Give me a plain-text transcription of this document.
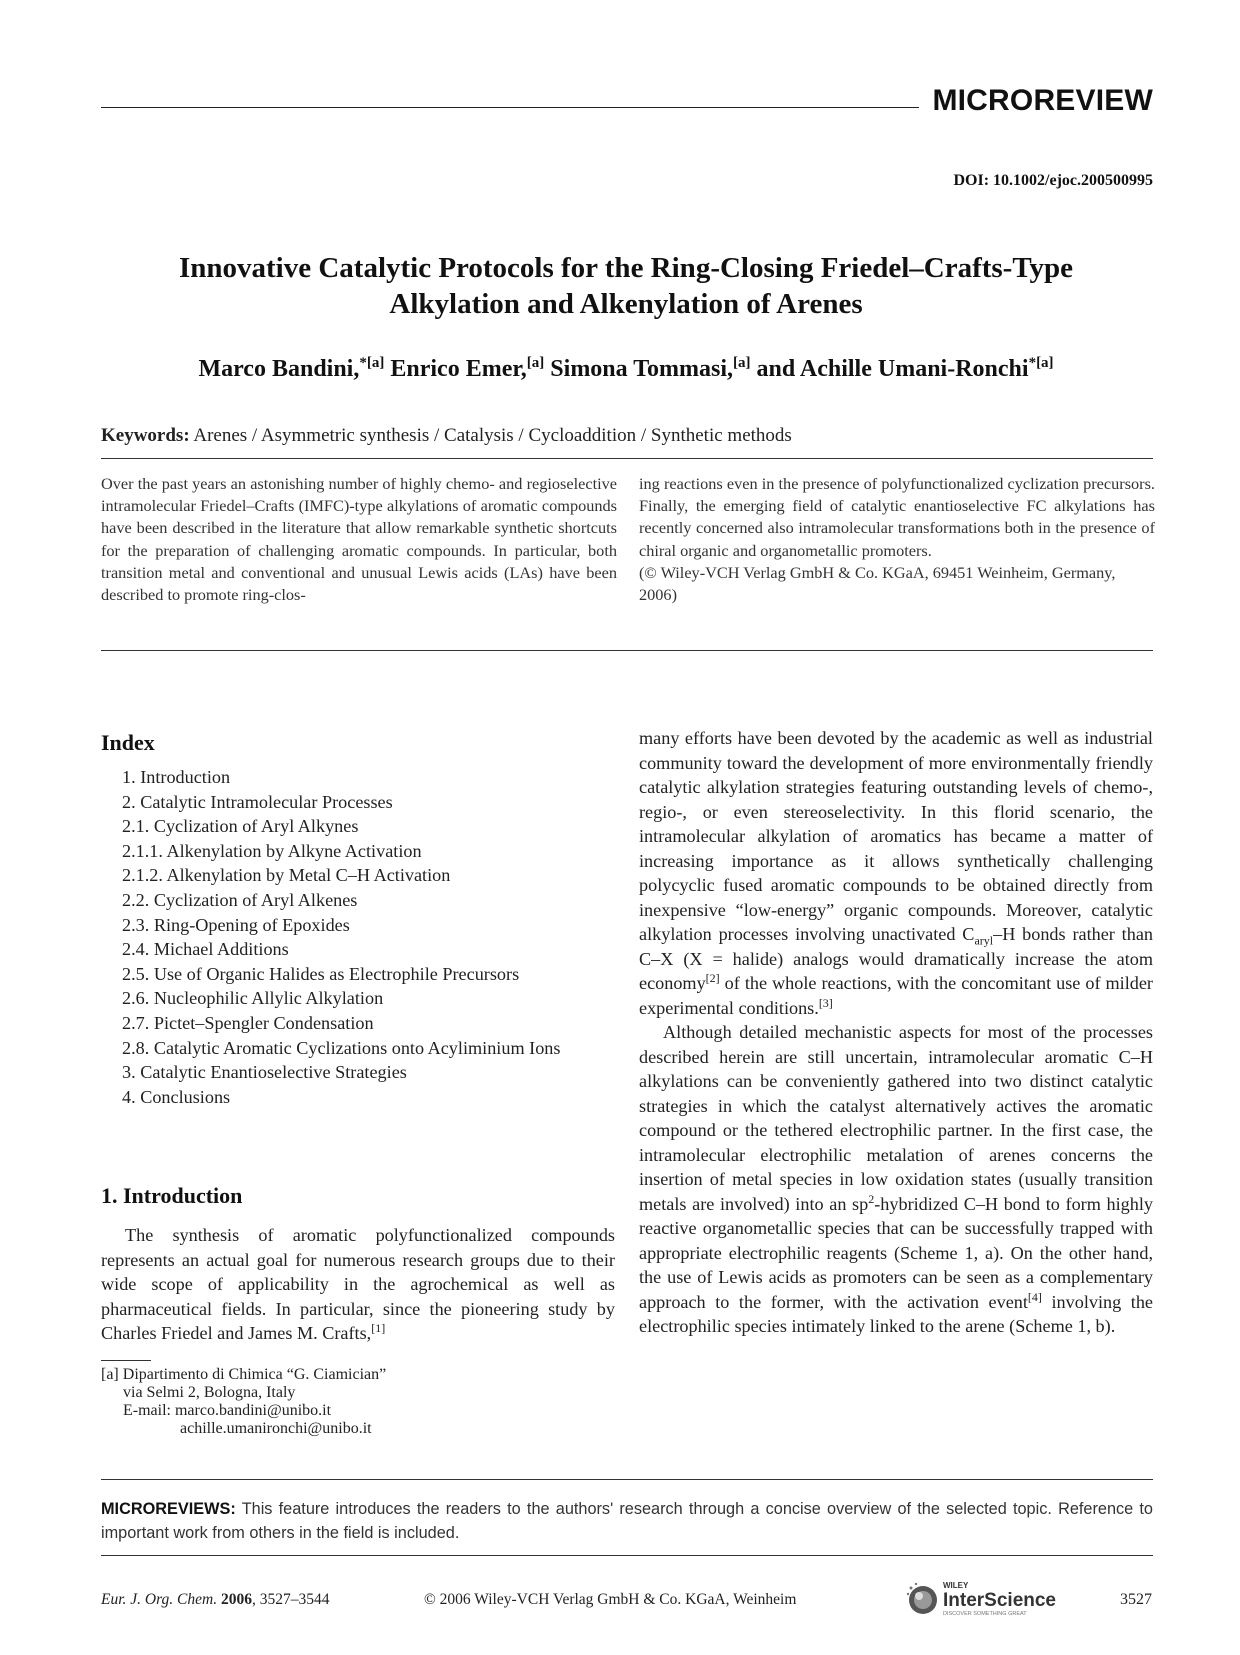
MICROREVIEW
DOI: 10.1002/ejoc.200500995
Innovative Catalytic Protocols for the Ring-Closing Friedel–Crafts-Type
Alkylation and Alkenylation of Arenes
Marco Bandini,$^{*[a]}$ Enrico Emer,[a] Simona Tommasi,[a] and Achille Umani-Ronchi$^{*[a]}$
Keywords: Arenes / Asymmetric synthesis / Catalysis / Cycloaddition / Synthetic methods
Over the past years an astonishing number of highly chemo- and regioselective intramolecular Friedel–Crafts (IMFC)-type alkylations of aromatic compounds have been described in the literature that allow remarkable synthetic shortcuts for the preparation of challenging aromatic compounds. In particular, both transition metal and conventional and unusual Lewis acids (LAs) have been described to promote ring-clos-
ing reactions even in the presence of polyfunctionalized cyclization precursors. Finally, the emerging field of catalytic enantioselective FC alkylations has recently concerned also intramolecular transformations both in the presence of chiral organic and organometallic promoters.
(© Wiley-VCH Verlag GmbH & Co. KGaA, 69451 Weinheim, Germany, 2006)
Index
1. Introduction
2. Catalytic Intramolecular Processes
2.1. Cyclization of Aryl Alkynes
2.1.1. Alkenylation by Alkyne Activation
2.1.2. Alkenylation by Metal C–H Activation
2.2. Cyclization of Aryl Alkenes
2.3. Ring-Opening of Epoxides
2.4. Michael Additions
2.5. Use of Organic Halides as Electrophile Precursors
2.6. Nucleophilic Allylic Alkylation
2.7. Pictet–Spengler Condensation
2.8. Catalytic Aromatic Cyclizations onto Acyliminium Ions
3. Catalytic Enantioselective Strategies
4. Conclusions
1. Introduction

The synthesis of aromatic polyfunctionalized compounds represents an actual goal for numerous research groups due to their wide scope of applicability in the agrochemical as well as pharmaceutical fields. In particular, since the pioneering study by Charles Friedel and James M. Crafts,[1]

[a] Dipartimento di Chimica “G. Ciamician”
via Selmi 2, Bologna, Italy
E-mail: marco.bandini@unibo.it
achille.umanironchi@unibo.it

many efforts have been devoted by the academic as well as industrial community toward the development of more environmentally friendly catalytic alkylation strategies featuring outstanding levels of chemo-, regio-, or even stereoselectivity. In this florid scenario, the intramolecular alkylation of aromatics has became a matter of increasing importance as it allows synthetically challenging polycyclic fused aromatic compounds to be obtained directly from inexpensive “low-energy” organic compounds. Moreover, catalytic alkylation processes involving unactivated $C_{aryl}-H$ bonds rather than C–X (X = halide) analogs would dramatically increase the atom economy[2] of the whole reactions, with the concomitant use of milder experimental conditions.[3]

Although detailed mechanistic aspects for most of the processes described herein are still uncertain, intramolecular aromatic C–H alkylations can be conveniently gathered into two distinct catalytic strategies in which the catalyst alternatively actives the aromatic compound or the tethered electrophilic partner. In the first case, the intramolecular electrophilic metalation of arenes concerns the insertion of metal species in low oxidation states (usually transition metals are involved) into an $sp^2$-hybridized C–H bond to form highly reactive organometallic species that can be successfully trapped with appropriate electrophilic reagents (Scheme 1, a). On the other hand, the use of Lewis acids as promoters can be seen as a complementary approach to the former, with the activation event[4] involving the electrophilic species intimately linked to the arene (Scheme 1, b).

MICROREVIEWS: This feature introduces the readers to the authors' research through a concise overview of the selected topic. Reference to important work from others in the field is included.
Eur. J. Org. Chem. 2006, 3527–3544	© 2006 Wiley-VCH Verlag GmbH & Co. KGaA, Weinheim
WILEY
InterScience
DISCOVER SOMETHING GREAT
3527
